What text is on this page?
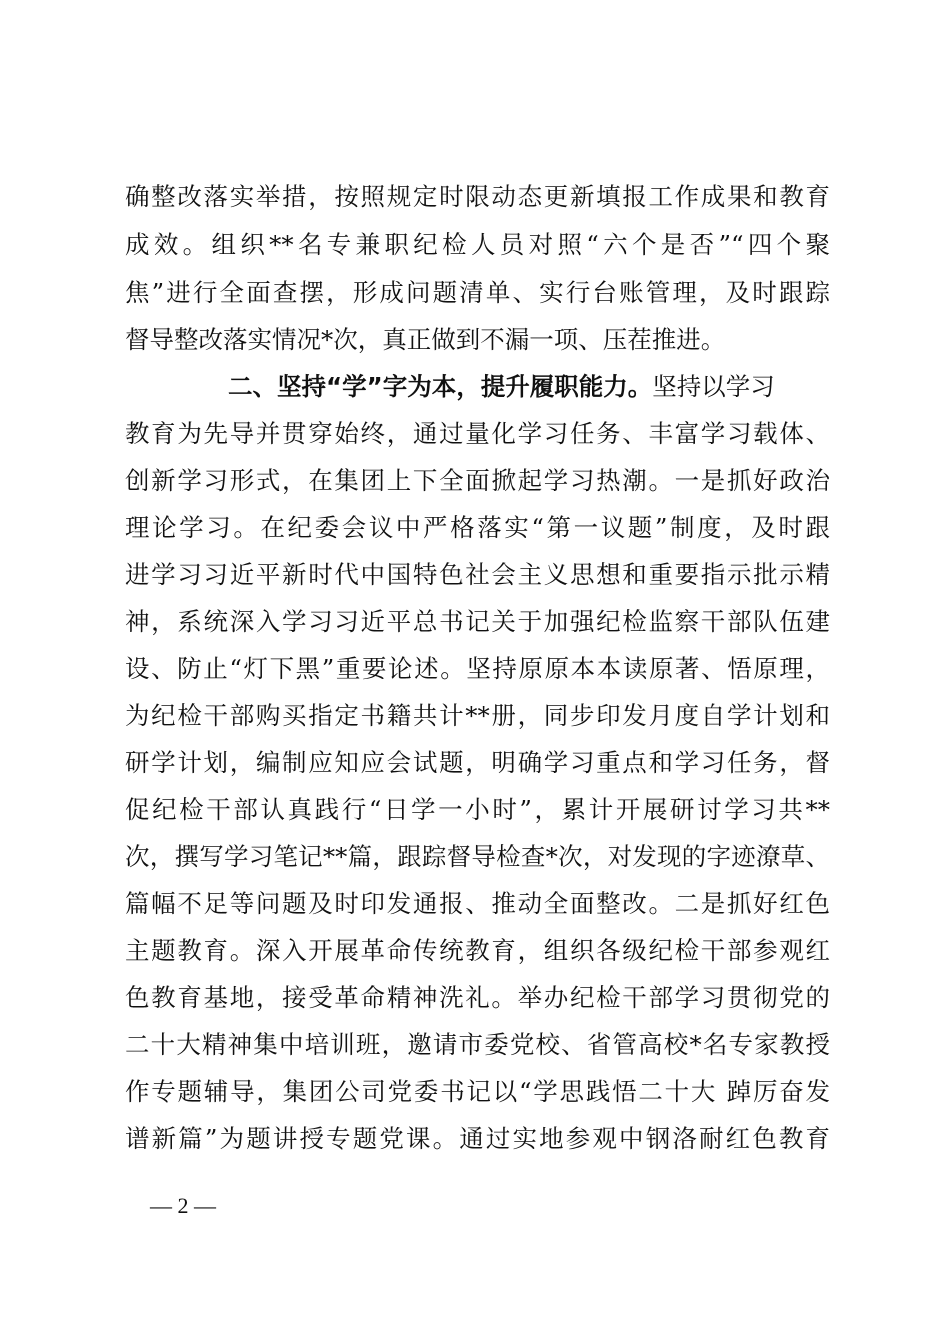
确整改落实举措，按照规定时限动态更新填报工作成果和教育
成效。组织**名专兼职纪检人员对照“六个是否”“四个聚
焦”进行全面查摆，形成问题清单、实行台账管理，及时跟踪
督导整改落实情况*次，真正做到不漏一项、压茬推进。
二、坚持“学”字为本，提升履职能力。坚持以学习
教育为先导并贯穿始终，通过量化学习任务、丰富学习载体、
创新学习形式，在集团上下全面掀起学习热潮。一是抓好政治
理论学习。在纪委会议中严格落实“第一议题”制度，及时跟
进学习习近平新时代中国特色社会主义思想和重要指示批示精
神，系统深入学习习近平总书记关于加强纪检监察干部队伍建
设、防止“灯下黑”重要论述。坚持原原本本读原著、悟原理，
为纪检干部购买指定书籍共计**册，同步印发月度自学计划和
研学计划，编制应知应会试题，明确学习重点和学习任务，督
促纪检干部认真践行“日学一小时”，累计开展研讨学习共**
次，撰写学习笔记**篇，跟踪督导检查*次，对发现的字迹潦草、
篇幅不足等问题及时印发通报、推动全面整改。二是抓好红色
主题教育。深入开展革命传统教育，组织各级纪检干部参观红
色教育基地，接受革命精神洗礼。举办纪检干部学习贯彻党的
二十大精神集中培训班，邀请市委党校、省管高校*名专家教授
作专题辅导，集团公司党委书记以“学思践悟二十大 踔厉奋发
谱新篇”为题讲授专题党课。通过实地参观中钢洛耐红色教育
— 2 —
